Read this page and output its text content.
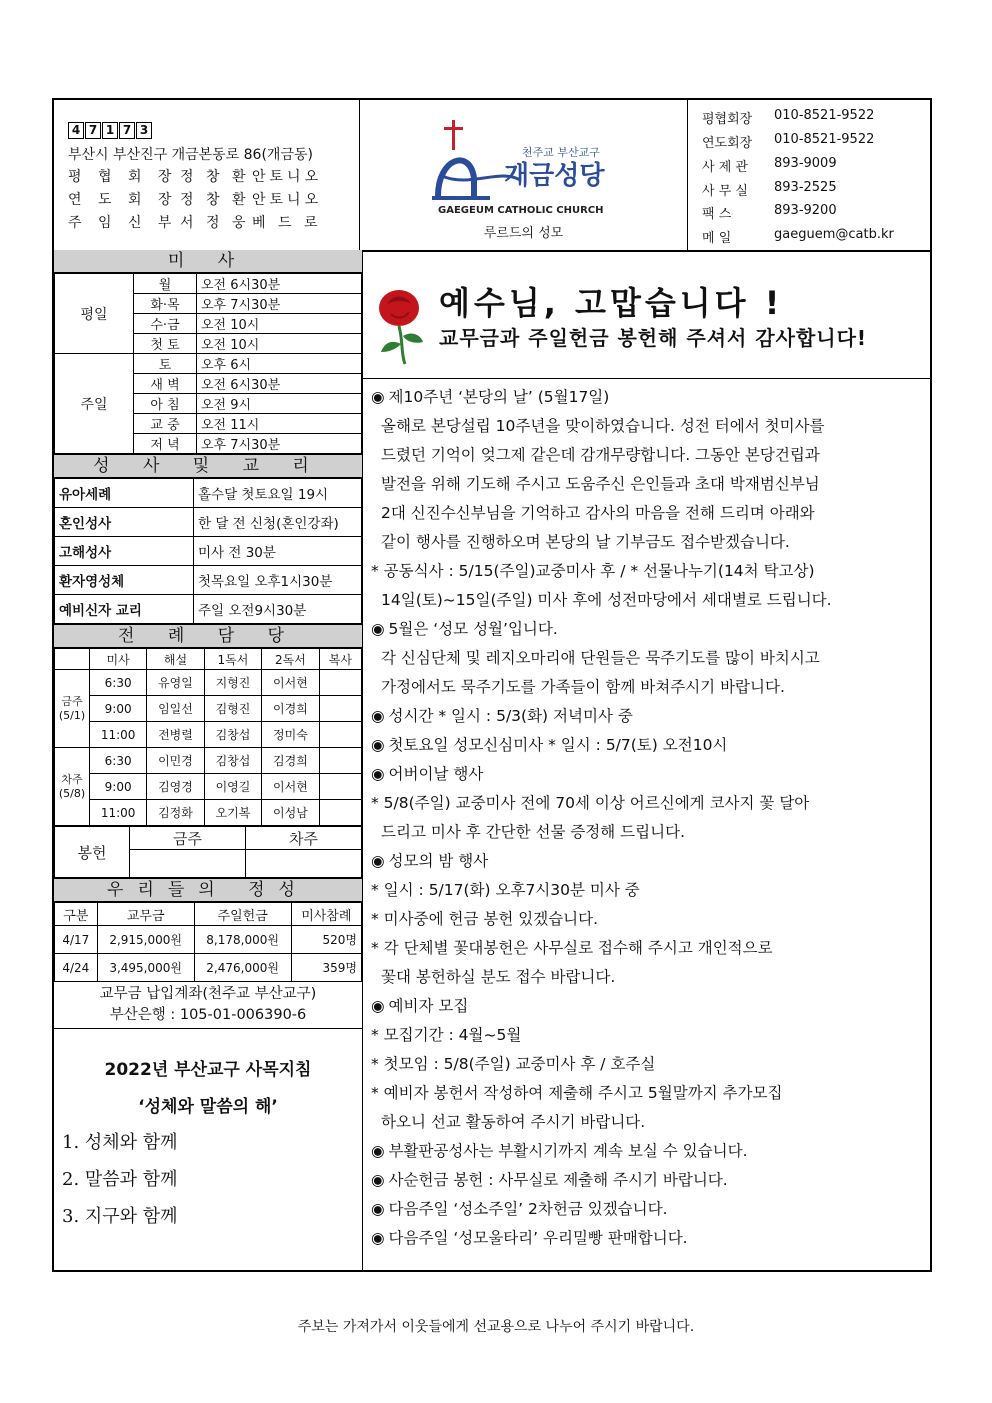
4 7 1 7 3
부산시 부산진구 개금본동로 86(개금동)
평 협 회 장 정 창 환 안토니오
연 도 회 장 정 창 환 안토니오
주 임 신 부 서 정 웅 베 드 로
천주교 부산교구
개금성당
GAEGEUM CATHOLIC CHURCH
루르드의 성모
평협회장	010-8521-9522
연도회장	010-8521-9522
사 제 관	893-9009
사 무 실	893-2525
팩 스	893-9200
메 일	gaeguem@catb.kr
미 사
평일	월	오전 6시30분
	화·목	오후 7시30분
	수·금	오전 10시
	첫 토	오전 10시
주일	토	오후 6시
	새 벽	오전 6시30분
	아 침	오전 9시
	교 중	오전 11시
	저 녁	오후 7시30분
성 사 및 교 리
유아세례	홀수달 첫토요일 19시
혼인성사	한 달 전 신청(혼인강좌)
고해성사	미사 전 30분
환자영성체	첫목요일 오후1시30분
예비신자 교리	주일 오전9시30분
전 례 담 당
	미사	해설	1독서	2독서	복사
금주 (5/1)	6:30	유영일	지형진	이서현	
	9:00	임일선	김형진	이경희	
	11:00	전병렬	김창섭	정미숙	
차주 (5/8)	6:30	이민경	김창섭	김경희	
	9:00	김영경	이영길	이서현	
	11:00	김정화	오기복	이성남	
봉헌	금주	차주

우리들의 정성
구분	교무금	주일헌금	미사참례
4/17	2,915,000원	8,178,000원	520명
4/24	3,495,000원	2,476,000원	359명
교무금 납입계좌(천주교 부산교구)
부산은행 : 105-01-006390-6
2022년 부산교구 사목지침
‘성체와 말씀의 해’
1. 성체와 함께
2. 말씀과 함께
3. 지구와 함께
예수님, 고맙습니다 !
교무금과 주일헌금 봉헌해 주셔서 감사합니다!

◉ 제10주년 ‘본당의 날’ (5월17일)

올해로 본당설립 10주년을 맞이하였습니다. 성전 터에서 첫미사를

드렸던 기억이 엊그제 같은데 감개무량합니다. 그동안 본당건립과

발전을 위해 기도해 주시고 도움주신 은인들과 초대 박재범신부님

2대 신진수신부님을 기억하고 감사의 마음을 전해 드리며 아래와

같이 행사를 진행하오며 본당의 날 기부금도 접수받겠습니다.

* 공동식사 : 5/15(주일)교중미사 후 / * 선물나누기(14처 탁고상)

14일(토)~15일(주일) 미사 후에 성전마당에서 세대별로 드립니다.

◉ 5월은 ‘성모 성월’입니다.

각 신심단체 및 레지오마리애 단원들은 묵주기도를 많이 바치시고

가정에서도 묵주기도를 가족들이 함께 바쳐주시기 바랍니다.

◉ 성시간 * 일시 : 5/3(화) 저녁미사 중

◉ 첫토요일 성모신심미사 * 일시 : 5/7(토) 오전10시

◉ 어버이날 행사

* 5/8(주일) 교중미사 전에 70세 이상 어르신에게 코사지 꽃 달아

드리고 미사 후 간단한 선물 증정해 드립니다.

◉ 성모의 밤 행사

* 일시 : 5/17(화) 오후7시30분 미사 중

* 미사중에 헌금 봉헌 있겠습니다.

* 각 단체별 꽃대봉헌은 사무실로 접수해 주시고 개인적으로

꽃대 봉헌하실 분도 접수 바랍니다.

◉ 예비자 모집

* 모집기간 : 4월~5월

* 첫모임 : 5/8(주일) 교중미사 후 / 호주실

* 예비자 봉헌서 작성하여 제출해 주시고 5월말까지 추가모집

하오니 선교 활동하여 주시기 바랍니다.

◉ 부활판공성사는 부활시기까지 계속 보실 수 있습니다.

◉ 사순헌금 봉헌 : 사무실로 제출해 주시기 바랍니다.

◉ 다음주일 ‘성소주일’ 2차헌금 있겠습니다.

◉ 다음주일 ‘성모울타리’ 우리밀빵 판매합니다.

주보는 가져가서 이웃들에게 선교용으로 나누어 주시기 바랍니다.
